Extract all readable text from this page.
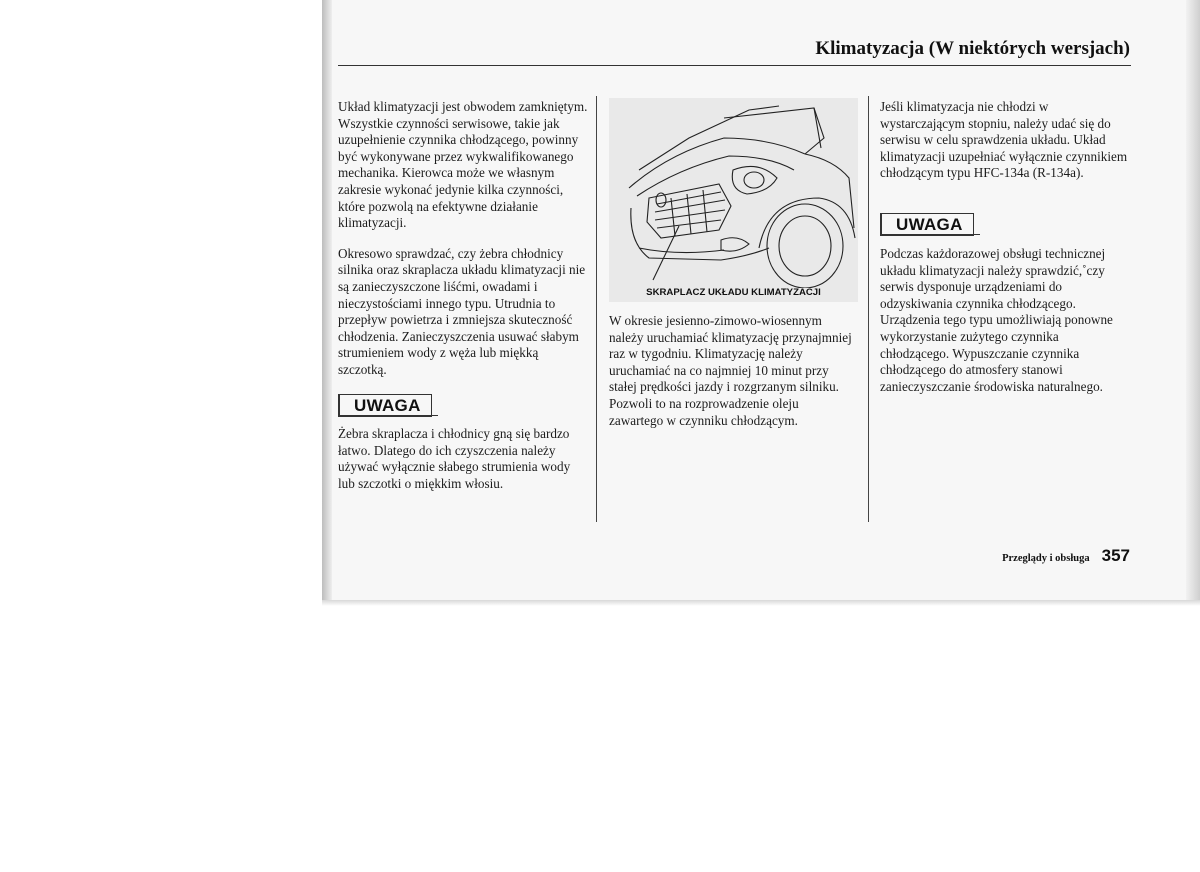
Klimatyzacja (W niektórych wersjach)

Układ klimatyzacji jest obwodem zamkniętym. Wszystkie czynności serwisowe, takie jak uzupełnienie czynnika chłodzącego, powinny być wykonywane przez wykwalifikowanego mechanika. Kierowca może we własnym zakresie wykonać jedynie kilka czynności, które pozwolą na efektywne działanie klimatyzacji.

Okresowo sprawdzać, czy żebra chłodnicy silnika oraz skraplacza układu klimatyzacji nie są zanieczyszczone liśćmi, owadami i nieczystościami innego typu. Utrudnia to przepływ powietrza i zmniejsza skuteczność chłodzenia. Zanieczyszczenia usuwać słabym strumieniem wody z węża lub miękką szczotką.

UWAGA

Żebra skraplacza i chłodnicy gną się bardzo łatwo. Dlatego do ich czyszczenia należy używać wyłącznie słabego strumienia wody lub szczotki o miękkim włosiu.

SKRAPLACZ UKŁADU KLIMATYZACJI

W okresie jesienno-zimowo-wiosennym należy uruchamiać klimatyzację przynajmniej raz w tygodniu. Klimatyzację należy uruchamiać na co najmniej 10 minut przy stałej prędkości jazdy i rozgrzanym silniku. Pozwoli to na rozprowadzenie oleju zawartego w czynniku chłodzącym.

Jeśli klimatyzacja nie chłodzi w wystarczającym stopniu, należy udać się do serwisu w celu sprawdzenia układu. Układ klimatyzacji uzupełniać wyłącznie czynnikiem chłodzącym typu HFC-134a (R-134a).

UWAGA

Podczas każdorazowej obsługi technicznej układu klimatyzacji należy sprawdzić,˚czy serwis dysponuje urządzeniami do odzyskiwania czynnika chłodzącego. Urządzenia tego typu umożliwiają ponowne wykorzystanie zużytego czynnika chłodzącego. Wypuszczanie czynnika chłodzącego do atmosfery stanowi zanieczyszczanie środowiska naturalnego.

Przeglądy i obsługa 357
